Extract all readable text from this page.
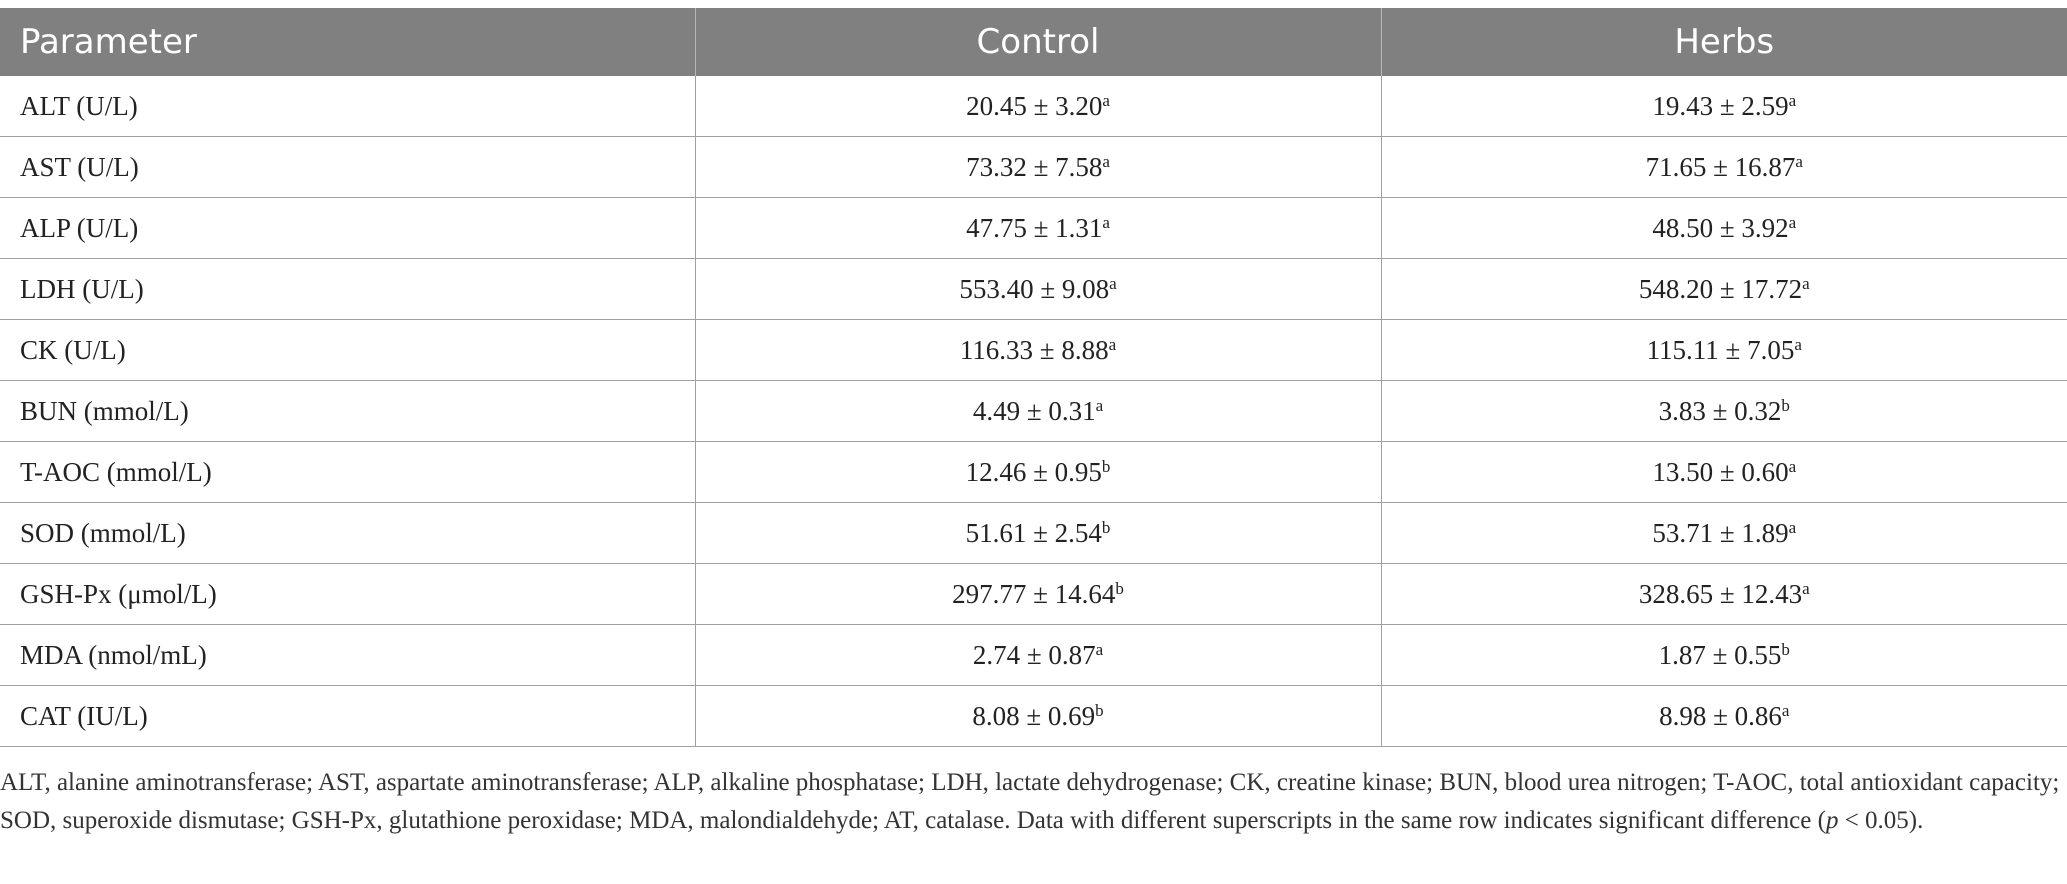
Parameter	Control	Herbs
ALT (U/L)	20.45 ± 3.20$^a$	19.43 ± 2.59$^a$
AST (U/L)	73.32 ± 7.58$^a$	71.65 ± 16.87$^a$
ALP (U/L)	47.75 ± 1.31$^a$	48.50 ± 3.92$^a$
LDH (U/L)	553.40 ± 9.08$^a$	548.20 ± 17.72$^a$
CK (U/L)	116.33 ± 8.88$^a$	115.11 ± 7.05$^a$
BUN (mmol/L)	4.49 ± 0.31$^a$	3.83 ± 0.32$^b$
T-AOC (mmol/L)	12.46 ± 0.95$^b$	13.50 ± 0.60$^a$
SOD (mmol/L)	51.61 ± 2.54$^b$	53.71 ± 1.89$^a$
GSH-Px (μmol/L)	297.77 ± 14.64$^b$	328.65 ± 12.43$^a$
MDA (nmol/mL)	2.74 ± 0.87$^a$	1.87 ± 0.55$^b$
CAT (IU/L)	8.08 ± 0.69$^b$	8.98 ± 0.86$^a$
ALT, alanine aminotransferase; AST, aspartate aminotransferase; ALP, alkaline phosphatase; LDH, lactate dehydrogenase; CK, creatine kinase; BUN, blood urea nitrogen; T-AOC, total antioxidant capacity; SOD, superoxide dismutase; GSH-Px, glutathione peroxidase; MDA, malondialdehyde; AT, catalase. Data with different superscripts in the same row indicates significant difference (p < 0.05).
